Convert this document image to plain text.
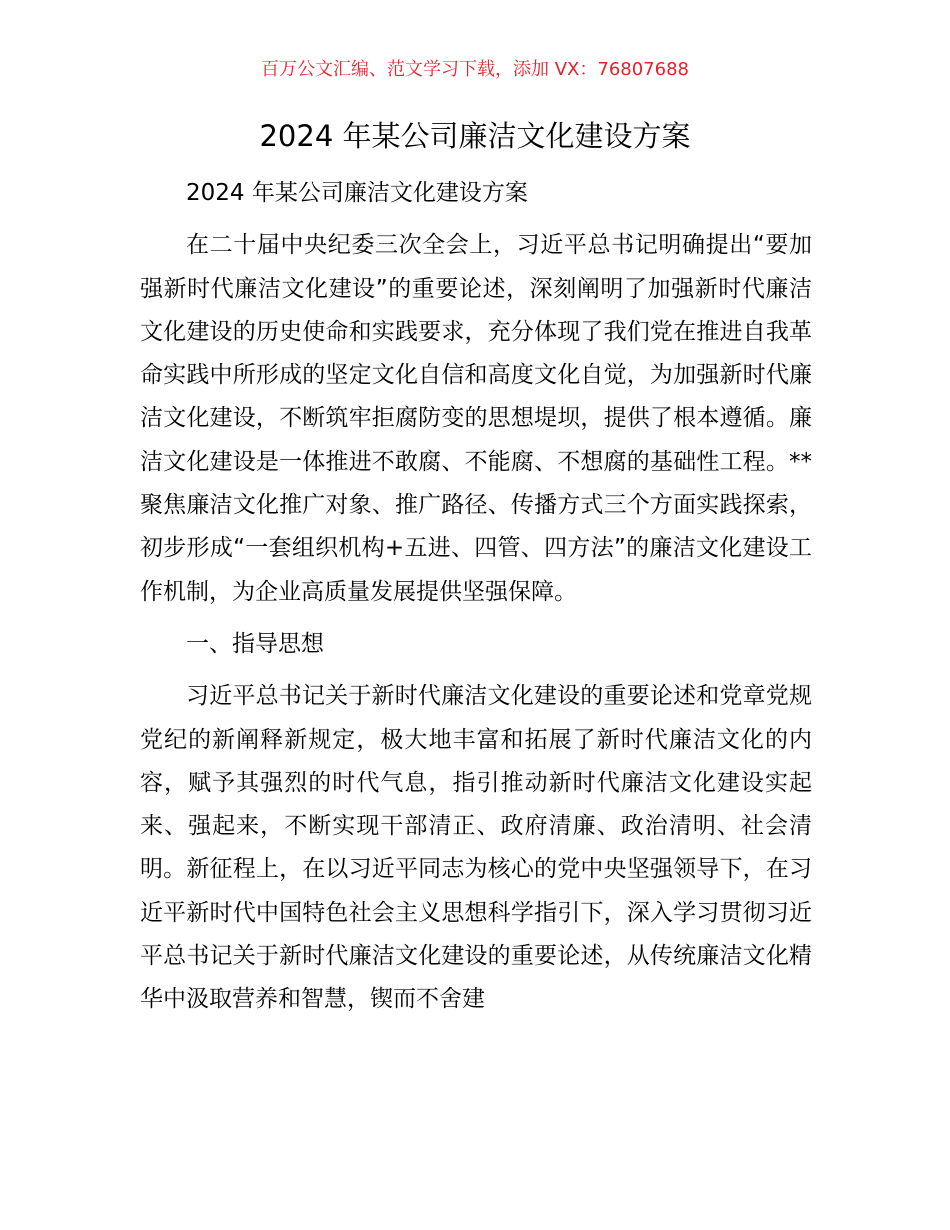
百万公文汇编、范文学习下载，添加 VX：76807688
2024 年某公司廉洁文化建设方案

2024 年某公司廉洁文化建设方案

在二十届中央纪委三次全会上，习近平总书记明确提出“要加强新时代廉洁文化建设”的重要论述，深刻阐明了加强新时代廉洁文化建设的历史使命和实践要求，充分体现了我们党在推进自我革命实践中所形成的坚定文化自信和高度文化自觉，为加强新时代廉洁文化建设，不断筑牢拒腐防变的思想堤坝，提供了根本遵循。廉洁文化建设是一体推进不敢腐、不能腐、不想腐的基础性工程。**聚焦廉洁文化推广对象、推广路径、传播方式三个方面实践探索，初步形成“一套组织机构+五进、四管、四方法”的廉洁文化建设工作机制，为企业高质量发展提供坚强保障。

一、指导思想

习近平总书记关于新时代廉洁文化建设的重要论述和党章党规党纪的新阐释新规定，极大地丰富和拓展了新时代廉洁文化的内容，赋予其强烈的时代气息，指引推动新时代廉洁文化建设实起来、强起来，不断实现干部清正、政府清廉、政治清明、社会清明。新征程上，在以习近平同志为核心的党中央坚强领导下，在习近平新时代中国特色社会主义思想科学指引下，深入学习贯彻习近平总书记关于新时代廉洁文化建设的重要论述，从传统廉洁文化精华中汲取营养和智慧，锲而不舍建
